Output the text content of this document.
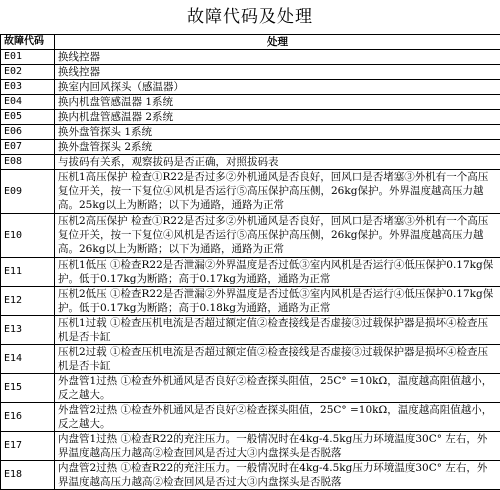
故障代码及处理
故障代码	处理
E01	换线控器
E02	换线控器
E03	换室内回风探头（感温器）
E04	换内机盘管感温器 1系统
E05	换内机盘管感温器 2系统
E06	换外盘管探头 1系统
E07	换外盘管探头 2系统
E08	与拔码有关系，观察拔码是否正确，对照拔码表
E09	压机1高压保护 检查①R22是否过多②外机通风是否良好，回风口是否堵塞③外机有一个高压复位开关，按一下复位④风机是否运行⑤高压保护高压侧，26kg保护。外界温度越高压力越高。25kg以上为断路；以下为通路，通路为正常
E10	压机2高压保护 检查①R22是否过多②外机通风是否良好，回风口是否堵塞③外机有一个高压复位开关，按一下复位④风机是否运行⑤高压保护高压侧，26kg保护。外界温度越高压力越高。26kg以上为断路；以下为通路，通路为正常
E11	压机1低压 ①检查R22是否泄漏②外界温度是否过低③室内风机是否运行④低压保护0.17kg保护。低于0.17kg为断路；高于0.17kg为通路，通路为正常
E12	压机2低压 ①检查R22是否泄漏②外界温度是否过低③室内风机是否运行④低压保护0.17kg保护。低于0.17kg为断路；高于0.18kg为通路，通路为正常
E13	压机1过载 ①检查压机电流是否超过额定值②检查接线是否虚接③过载保护器是损坏④检查压机是否卡缸
E14	压机2过载 ①检查压机电流是否超过额定值②检查接线是否虚接③过载保护器是损坏④检查压机是否卡缸
E15	外盘管1过热 ①检查外机通风是否良好②检查探头阻值，25C° =10kΩ，温度越高阻值越小，反之越大。
E16	外盘管2过热 ①检查外机通风是否良好②检查探头阻值，25C° =10kΩ，温度越高阻值越小，反之越大。
E17	内盘管1过热 ①检查R22的充注压力。一般情况时在4kg-4.5kg压力环境温度30C° 左右，外界温度越高压力越高②检查回风是否过大③内盘探头是否脱落
E18	内盘管2过热 ①检查R22的充注压力。一般情况时在4kg-4.5kg压力环境温度30C° 左右，外界温度越高压力越高②检查回风是否过大③内盘探头是否脱落
